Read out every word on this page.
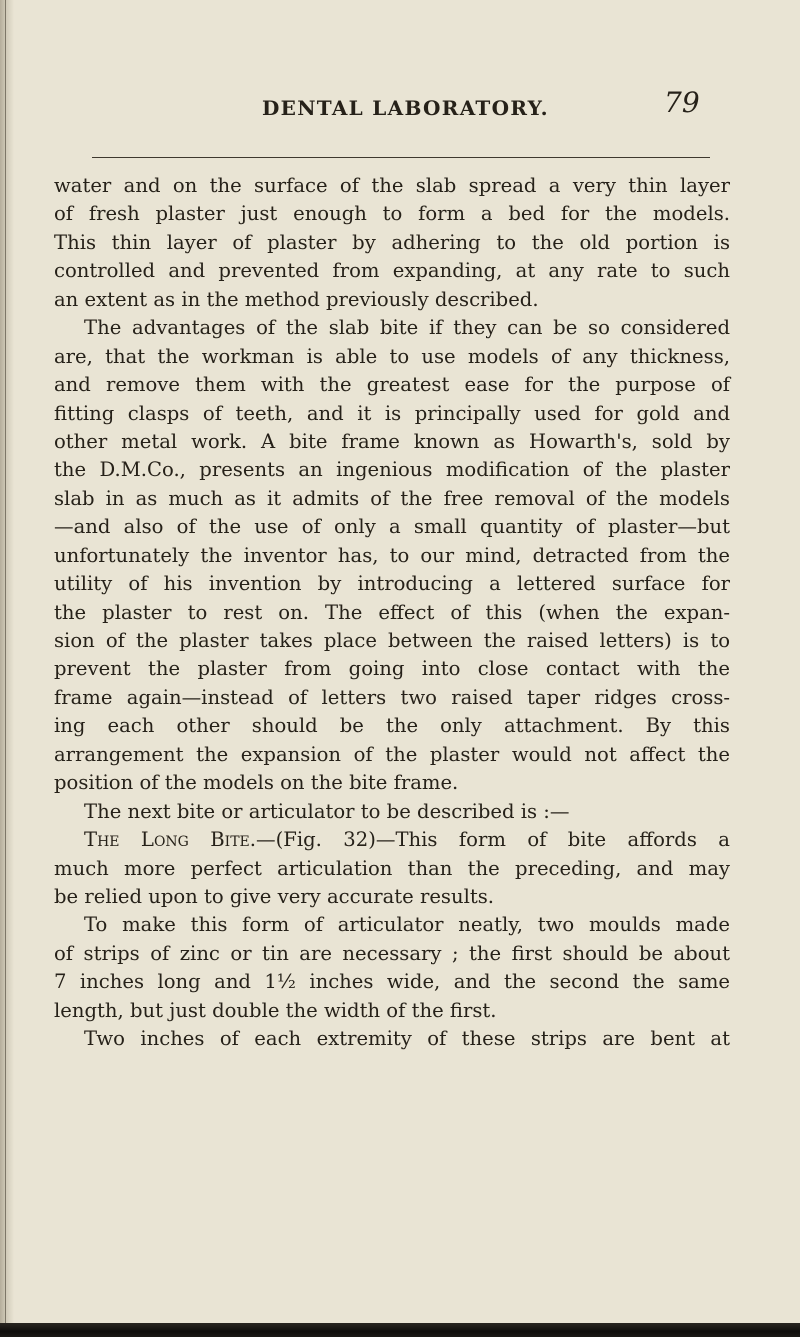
DENTAL LABORATORY.	79
water and on the surface of the slab spread a very thin layer
of fresh plaster just enough to form a bed for the models.
This thin layer of plaster by adhering to the old portion is
controlled and prevented from expanding, at any rate to such
an extent as in the method previously described.
The advantages of the slab bite if they can be so considered
are, that the workman is able to use models of any thickness,
and remove them with the greatest ease for the purpose of
fitting clasps of teeth, and it is principally used for gold and
other metal work. A bite frame known as Howarth's, sold by
the D.M.Co., presents an ingenious modification of the plaster
slab in as much as it admits of the free removal of the models
—and also of the use of only a small quantity of plaster—but
unfortunately the inventor has, to our mind, detracted from the
utility of his invention by introducing a lettered surface for
the plaster to rest on. The effect of this (when the expan-
sion of the plaster takes place between the raised letters) is to
prevent the plaster from going into close contact with the
frame again—instead of letters two raised taper ridges cross-
ing each other should be the only attachment. By this
arrangement the expansion of the plaster would not affect the
position of the models on the bite frame.
The next bite or articulator to be described is :—
The Long Bite.—(Fig. 32)—This form of bite affords a
much more perfect articulation than the preceding, and may
be relied upon to give very accurate results.
To make this form of articulator neatly, two moulds made
of strips of zinc or tin are necessary ; the first should be about
7 inches long and 1½ inches wide, and the second the same
length, but just double the width of the first.
Two inches of each extremity of these strips are bent at
